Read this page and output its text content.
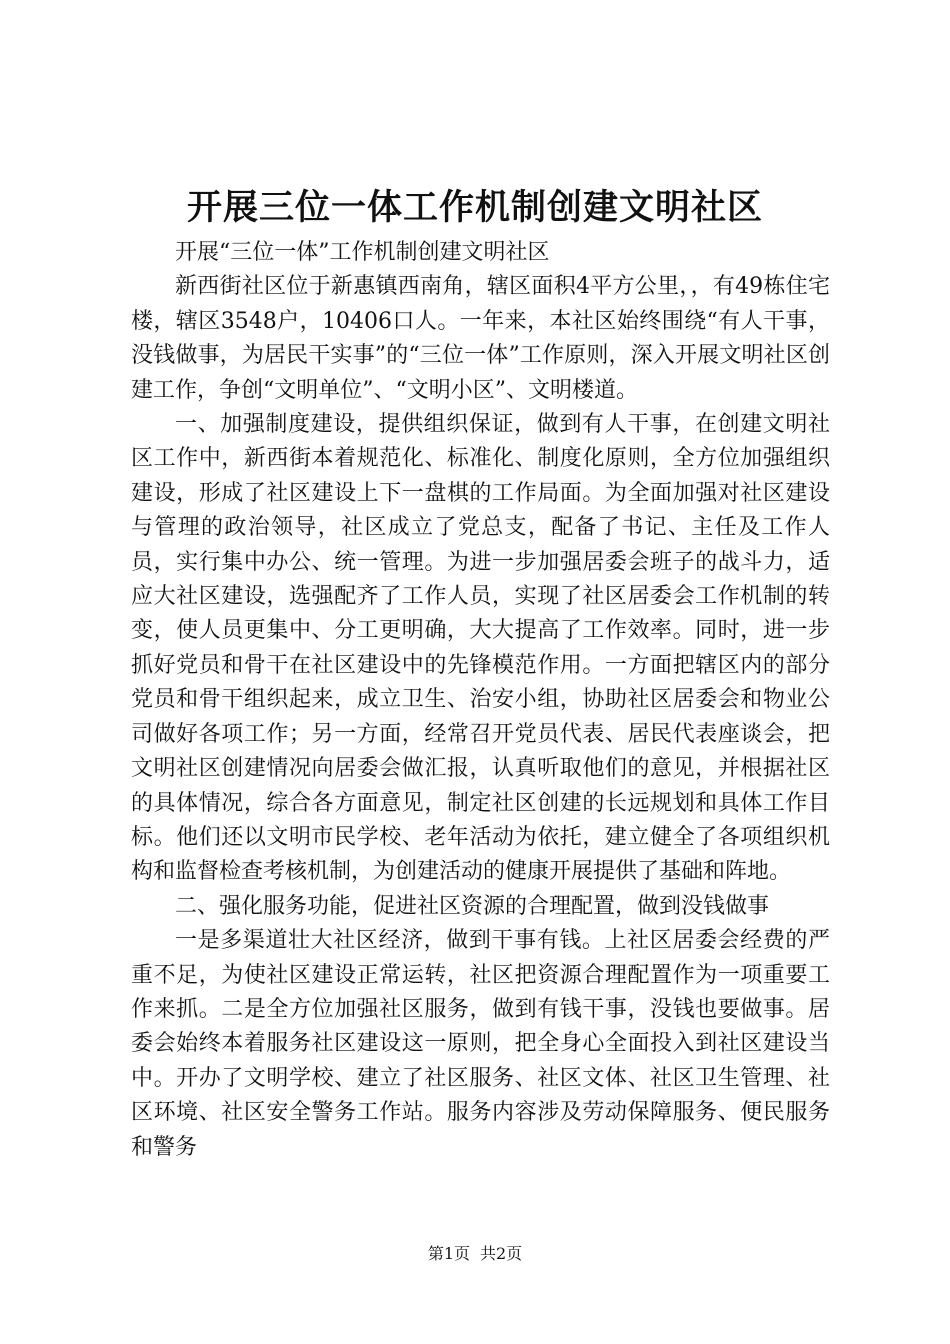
开展三位一体工作机制创建文明社区

开展“三位一体”工作机制创建文明社区

新西街社区位于新惠镇西南角，辖区面积4平方公里，，有49栋住宅楼，辖区3548户，10406口人。一年来，本社区始终围绕“有人干事，没钱做事，为居民干实事”的“三位一体”工作原则，深入开展文明社区创建工作，争创“文明单位”、“文明小区”、文明楼道。

一、加强制度建设，提供组织保证，做到有人干事，在创建文明社区工作中，新西街本着规范化、标准化、制度化原则，全方位加强组织建设，形成了社区建设上下一盘棋的工作局面。为全面加强对社区建设与管理的政治领导，社区成立了党总支，配备了书记、主任及工作人员，实行集中办公、统一管理。为进一步加强居委会班子的战斗力，适应大社区建设，选强配齐了工作人员，实现了社区居委会工作机制的转变，使人员更集中、分工更明确，大大提高了工作效率。同时，进一步抓好党员和骨干在社区建设中的先锋模范作用。一方面把辖区内的部分党员和骨干组织起来，成立卫生、治安小组，协助社区居委会和物业公司做好各项工作；另一方面，经常召开党员代表、居民代表座谈会，把文明社区创建情况向居委会做汇报，认真听取他们的意见，并根据社区的具体情况，综合各方面意见，制定社区创建的长远规划和具体工作目标。他们还以文明市民学校、老年活动为依托，建立健全了各项组织机构和监督检查考核机制，为创建活动的健康开展提供了基础和阵地。

二、强化服务功能，促进社区资源的合理配置，做到没钱做事

一是多渠道壮大社区经济，做到干事有钱。上社区居委会经费的严重不足，为使社区建设正常运转，社区把资源合理配置作为一项重要工作来抓。二是全方位加强社区服务，做到有钱干事，没钱也要做事。居委会始终本着服务社区建设这一原则，把全身心全面投入到社区建设当中。开办了文明学校、建立了社区服务、社区文体、社区卫生管理、社区环境、社区安全警务工作站。服务内容涉及劳动保障服务、便民服务和警务

第1页 共2页
